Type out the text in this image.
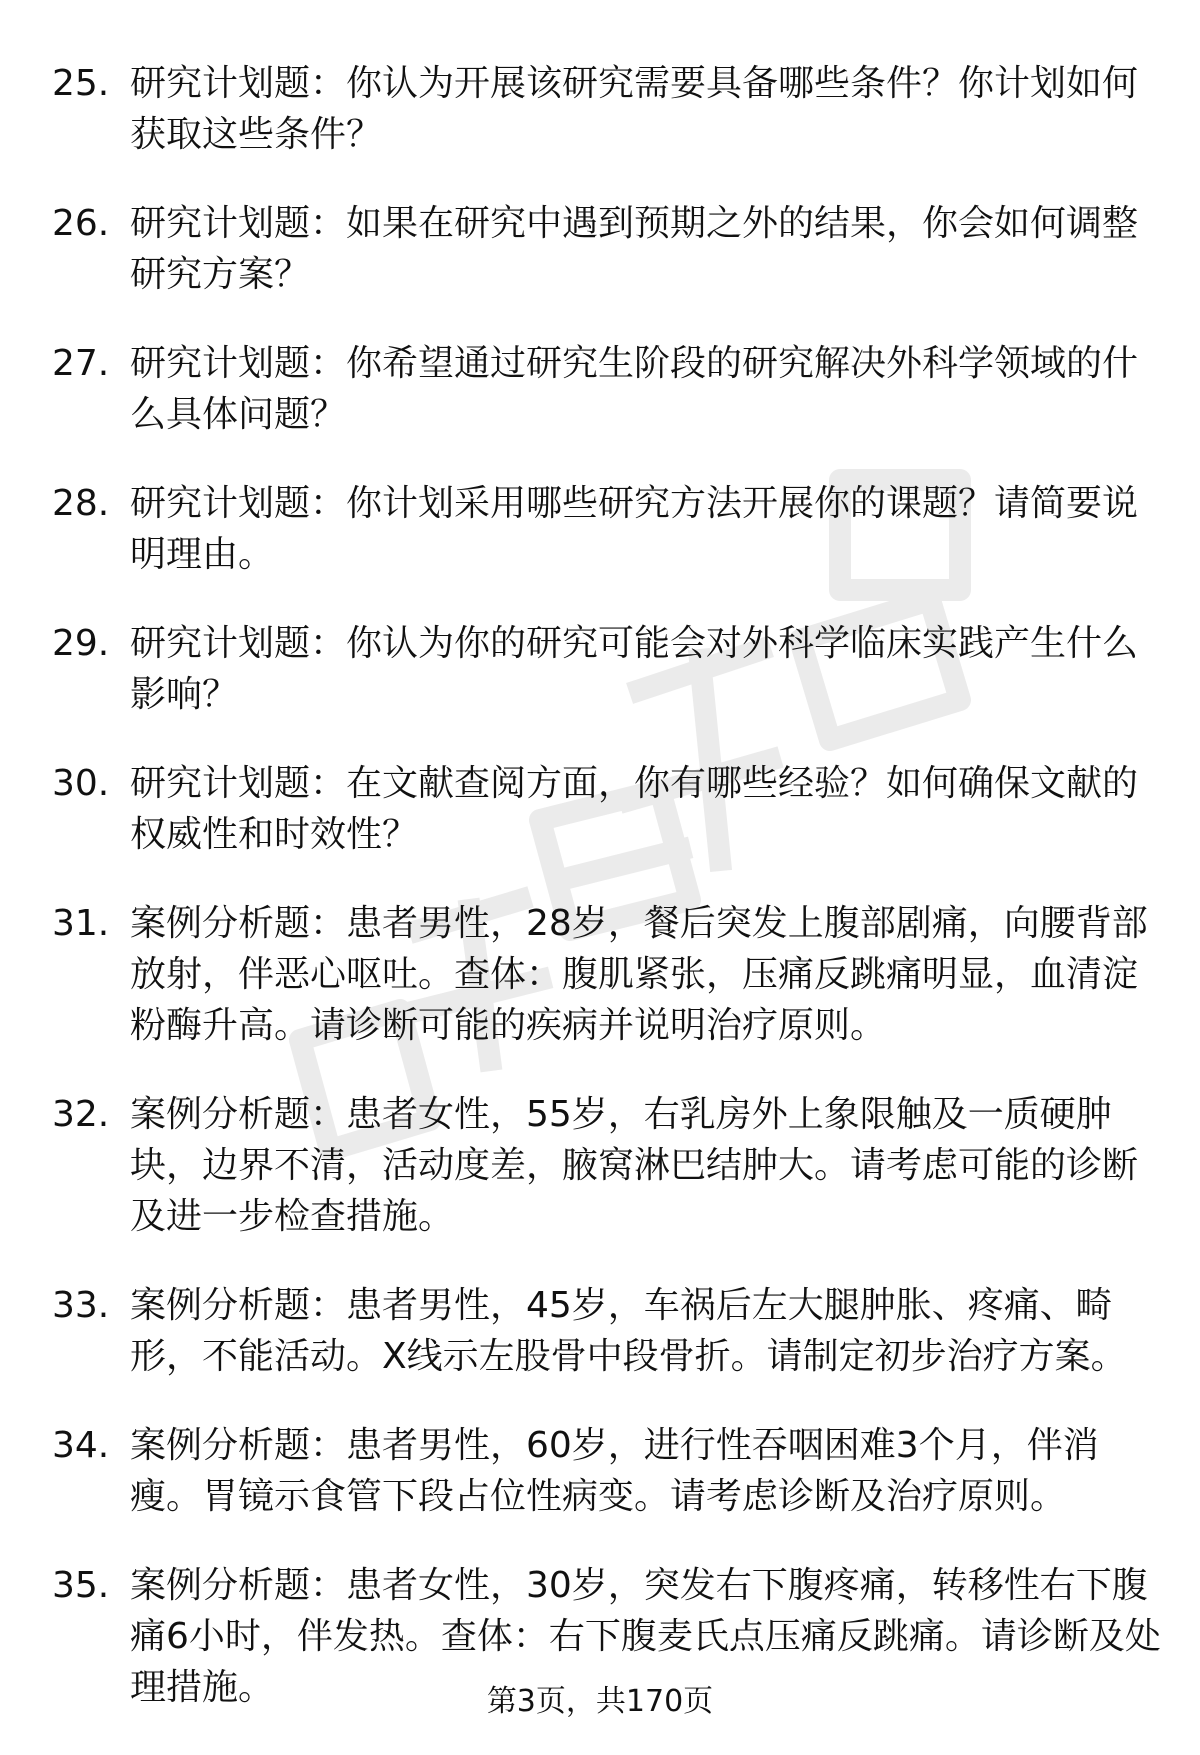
25. 研究计划题：你认为开展该研究需要具备哪些条件？你计划如何获取这些条件？
26. 研究计划题：如果在研究中遇到预期之外的结果，你会如何调整研究方案？
27. 研究计划题：你希望通过研究生阶段的研究解决外科学领域的什么具体问题？
28. 研究计划题：你计划采用哪些研究方法开展你的课题？请简要说明理由。
29. 研究计划题：你认为你的研究可能会对外科学临床实践产生什么影响？
30. 研究计划题：在文献查阅方面，你有哪些经验？如何确保文献的权威性和时效性？
31. 案例分析题：患者男性，28岁，餐后突发上腹部剧痛，向腰背部放射，伴恶心呕吐。查体：腹肌紧张，压痛反跳痛明显，血清淀粉酶升高。请诊断可能的疾病并说明治疗原则。
32. 案例分析题：患者女性，55岁，右乳房外上象限触及一质硬肿块，边界不清，活动度差，腋窝淋巴结肿大。请考虑可能的诊断及进一步检查措施。
33. 案例分析题：患者男性，45岁，车祸后左大腿肿胀、疼痛、畸形，不能活动。X线示左股骨中段骨折。请制定初步治疗方案。
34. 案例分析题：患者男性，60岁，进行性吞咽困难3个月，伴消瘦。胃镜示食管下段占位性病变。请考虑诊断及治疗原则。
35. 案例分析题：患者女性，30岁，突发右下腹疼痛，转移性右下腹痛6小时，伴发热。查体：右下腹麦氏点压痛反跳痛。请诊断及处理措施。	第3页，共170页
